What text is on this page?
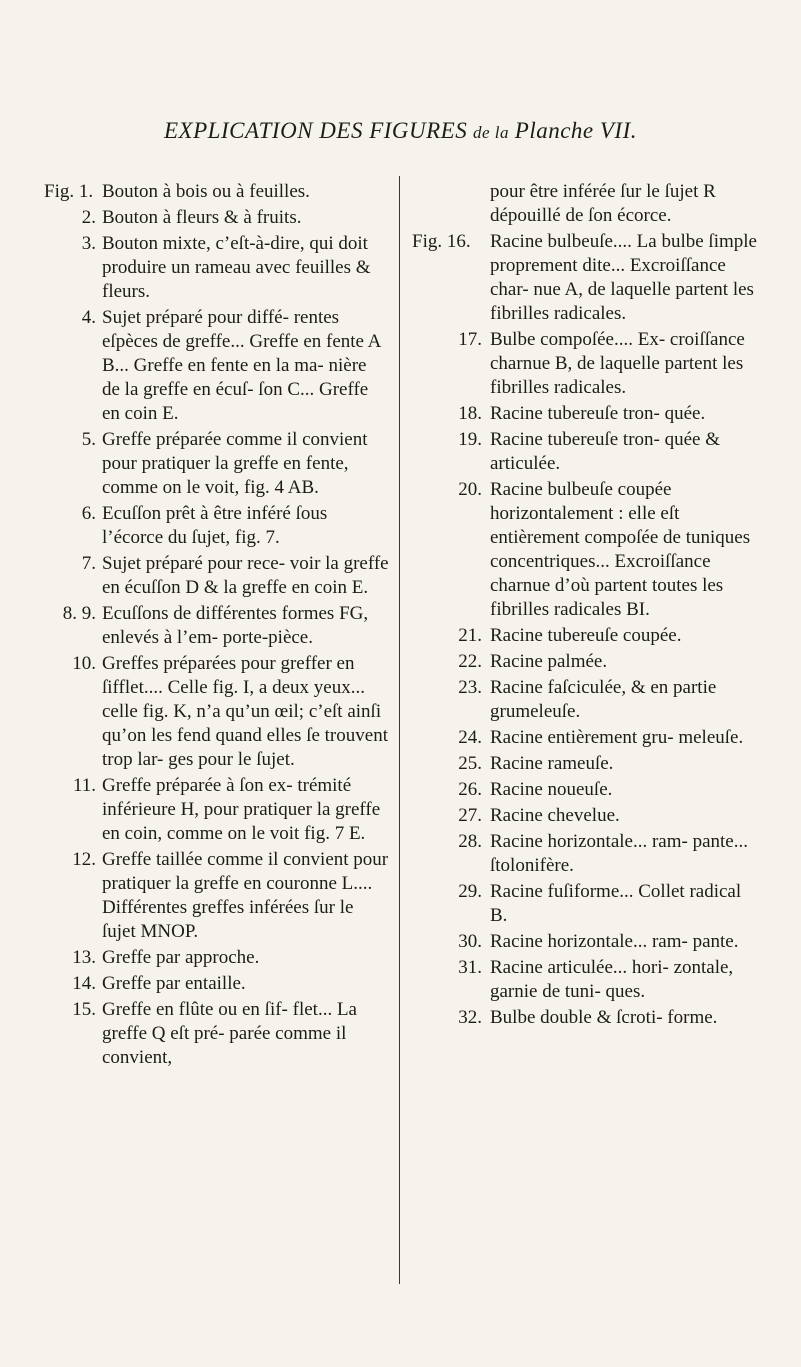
EXPLICATION DES FIGURES de la Planche VII.
Fig. 1. Bouton à bois ou à feuilles.
2. Bouton à fleurs & à fruits.
3. Bouton mixte, c’eſt-à-dire, qui doit produire un rameau avec feuilles & fleurs.
4. Sujet préparé pour diffé- rentes eſpèces de greffe... Greffe en fente A B... Greffe en fente en la ma- nière de la greffe en écuſ- ſon C... Greffe en coin E.
5. Greffe préparée comme il convient pour pratiquer la greffe en fente, comme on le voit, fig. 4 AB.
6. Ecuſſon prêt à être inféré ſous l’écorce du ſujet, fig. 7.
7. Sujet préparé pour rece- voir la greffe en écuſſon D & la greffe en coin E.
8. 9. Ecuſſons de différentes formes FG, enlevés à l’em- porte-pièce.
10. Greffes préparées pour greffer en ſifflet.... Celle fig. I, a deux yeux... celle fig. K, n’a qu’un œil; c’eſt ainſi qu’on les fend quand elles ſe trouvent trop lar- ges pour le ſujet.
11. Greffe préparée à ſon ex- trémité inférieure H, pour pratiquer la greffe en coin, comme on le voit fig. 7 E.
12. Greffe taillée comme il convient pour pratiquer la greffe en couronne L.... Différentes greffes inférées ſur le ſujet MNOP.
13. Greffe par approche.
14. Greffe par entaille.
15. Greffe en flûte ou en ſif- flet... La greffe Q eſt pré- parée comme il convient,
pour être inférée ſur le ſujet R dépouillé de ſon écorce.
Fig. 16.	Racine bulbeuſe.... La bulbe ſimple proprement dite... Excroiſſance char- nue A, de laquelle partent les fibrilles radicales.
17. Bulbe compoſée.... Ex- croiſſance charnue B, de laquelle partent les fibrilles radicales.
18. Racine tubereuſe tron- quée.
19. Racine tubereuſe tron- quée & articulée.
20. Racine bulbeuſe coupée horizontalement : elle eſt entièrement compoſée de tuniques concentriques... Excroiſſance charnue d’où partent toutes les fibrilles radicales BI.
21. Racine tubereuſe coupée.
22. Racine palmée.
23. Racine faſciculée, & en partie grumeleuſe.
24. Racine entièrement gru- meleuſe.
25. Racine rameuſe.
26. Racine noueuſe.
27. Racine chevelue.
28. Racine horizontale... ram- pante... ſtolonifère.
29. Racine fuſiforme... Collet radical B.
30. Racine horizontale... ram- pante.
31. Racine articulée... hori- zontale, garnie de tuni- ques.
32. Bulbe double & ſcroti- forme.
